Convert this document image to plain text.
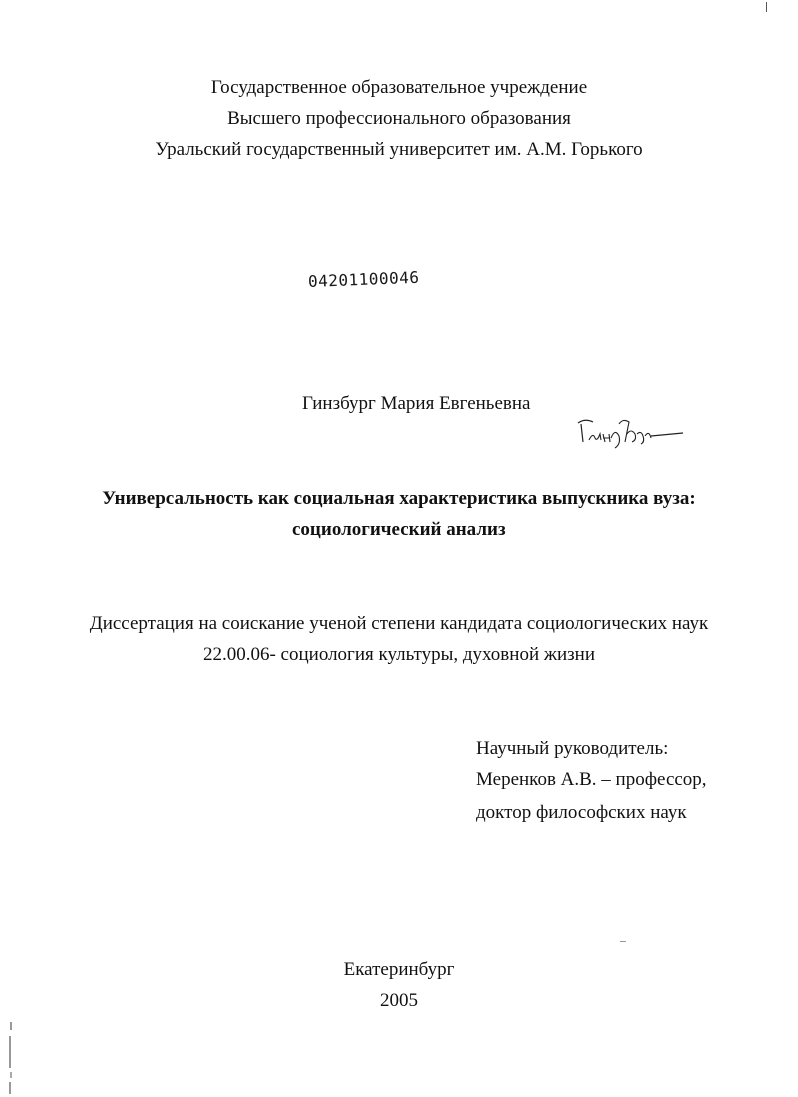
Государственное образовательное учреждение
Высшего профессионального образования
Уральский государственный университет им. А.М. Горького
04201100046
Гинзбург Мария Евгеньевна
Универсальность как социальная характеристика выпускника вуза:
социологический анализ
Диссертация на соискание ученой степени кандидата социологических наук
22.00.06- социология культуры, духовной жизни
Научный руководитель:
Меренков А.В. – профессор,
доктор философских наук
Екатеринбург
2005
